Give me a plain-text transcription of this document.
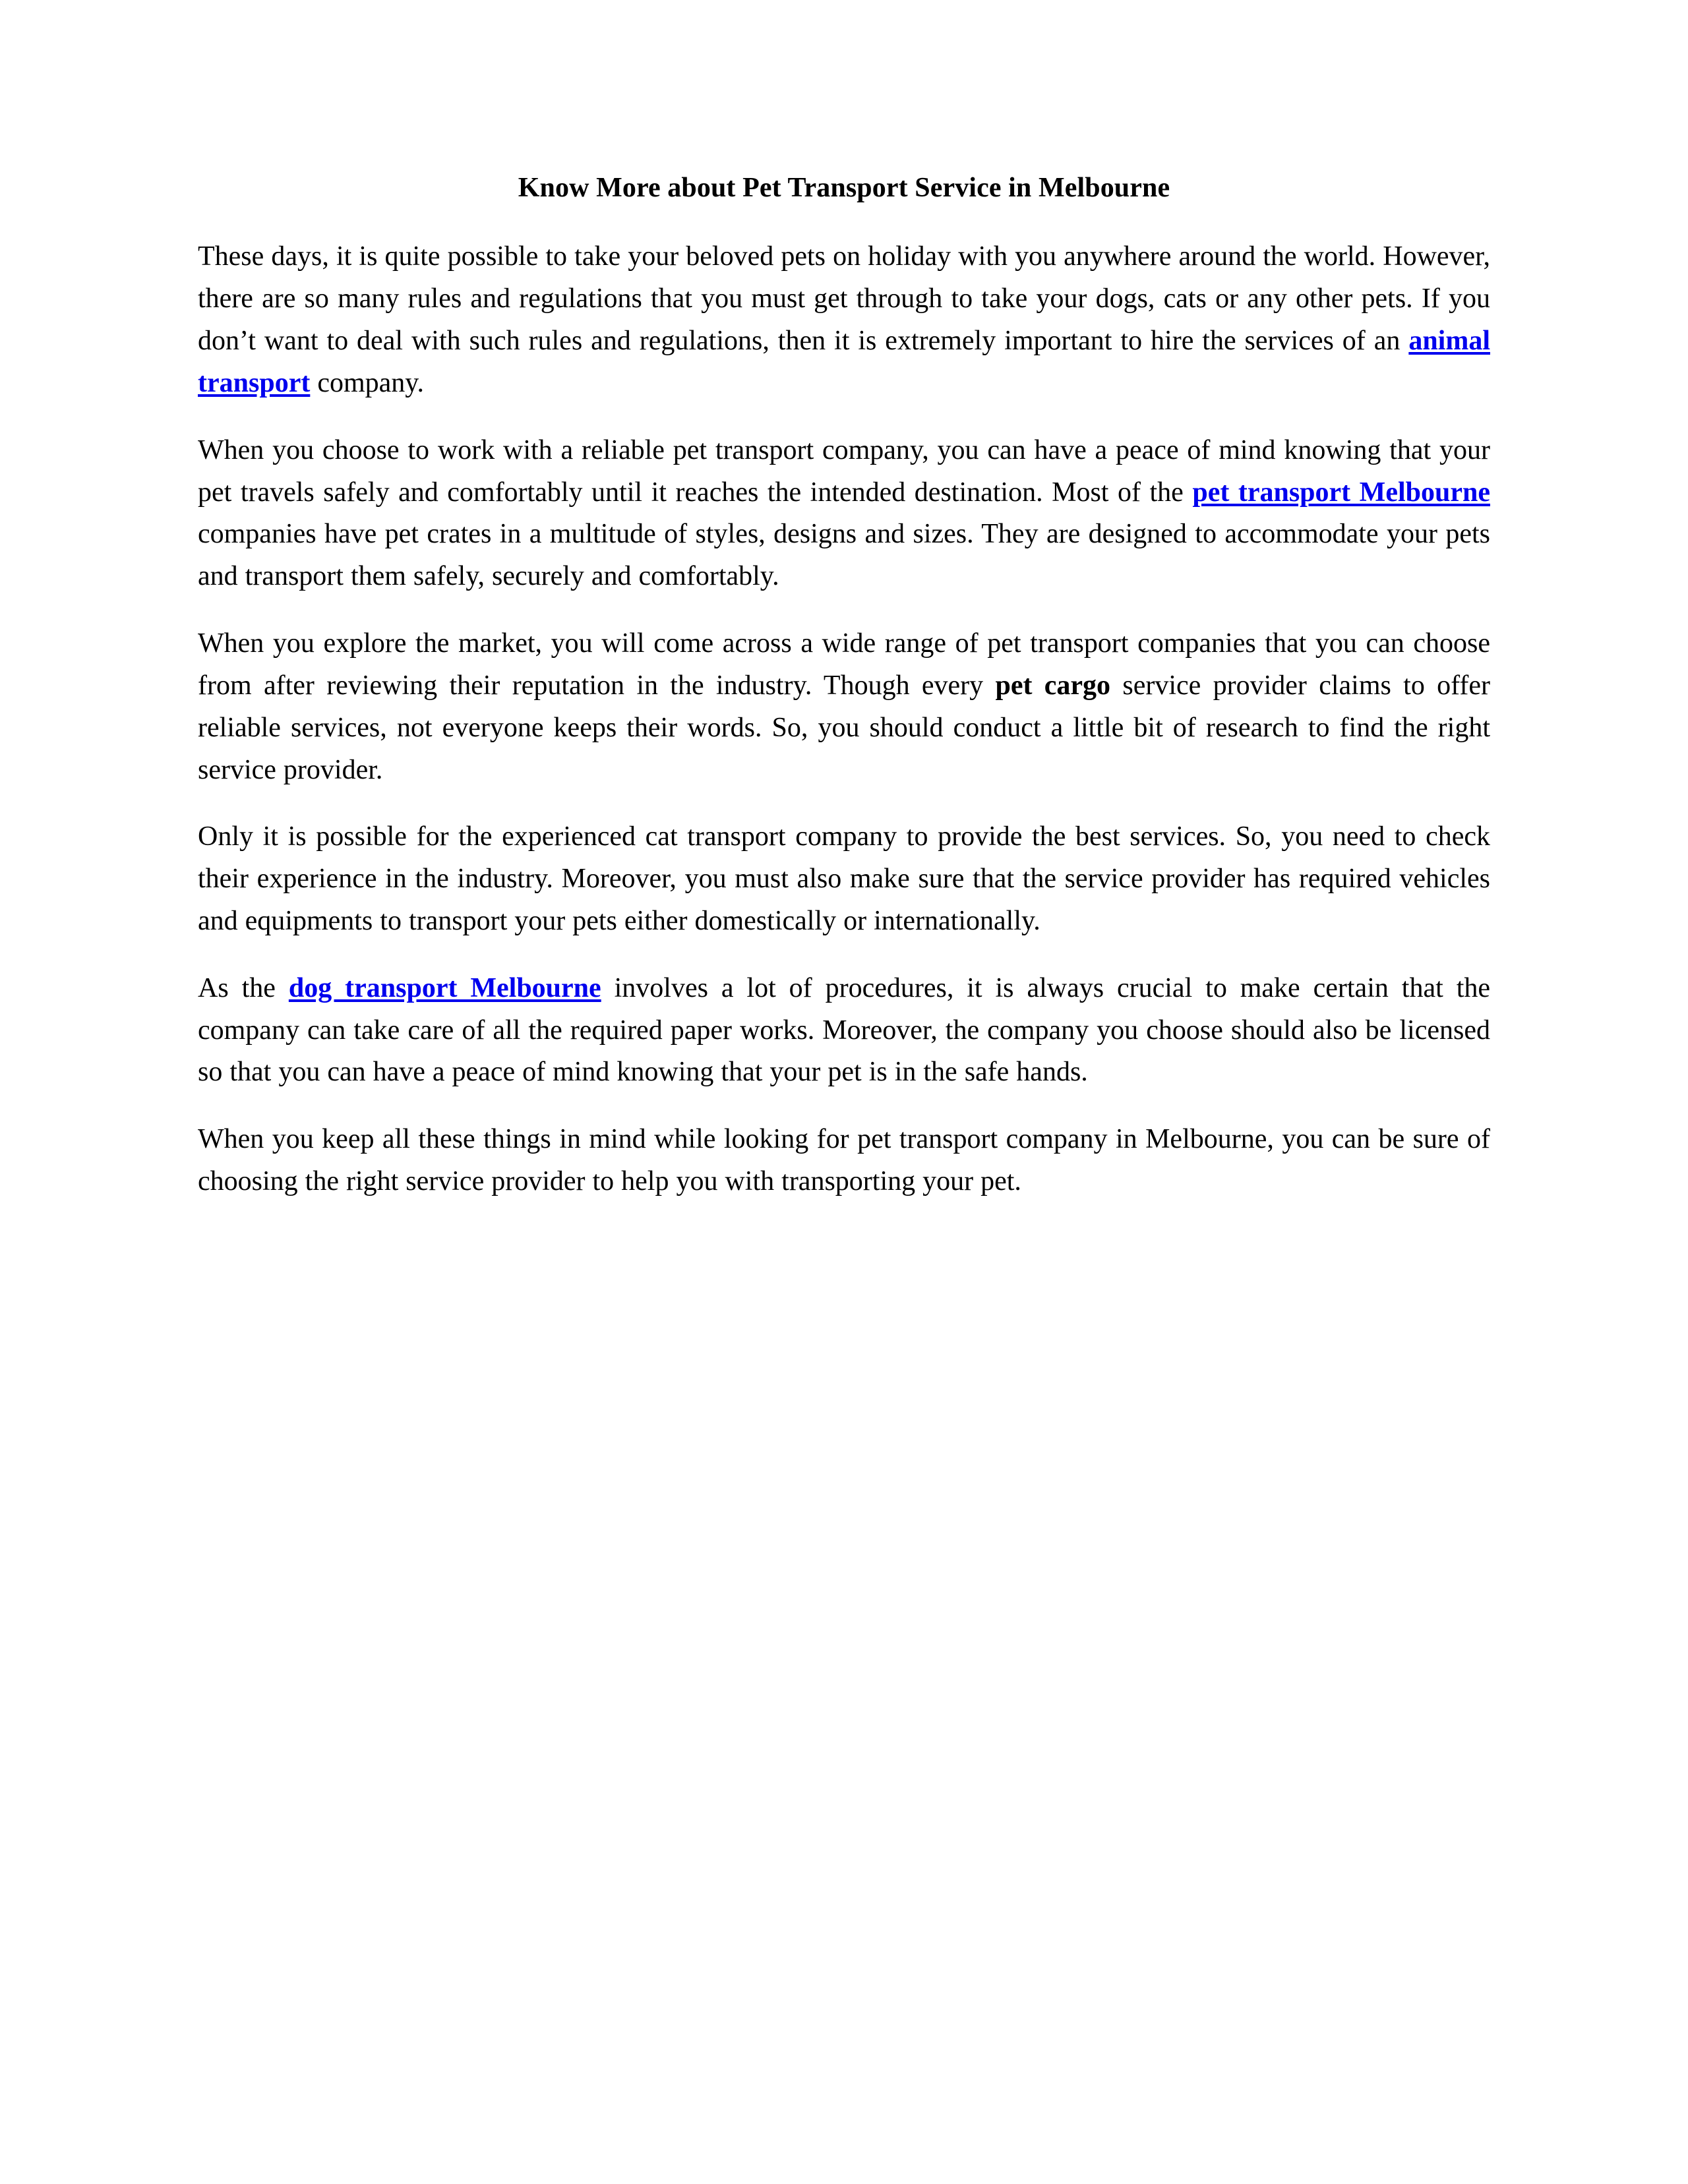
Know More about Pet Transport Service in Melbourne

These days, it is quite possible to take your beloved pets on holiday with you anywhere around the world. However, there are so many rules and regulations that you must get through to take your dogs, cats or any other pets. If you don’t want to deal with such rules and regulations, then it is extremely important to hire the services of an animal transport company.

When you choose to work with a reliable pet transport company, you can have a peace of mind knowing that your pet travels safely and comfortably until it reaches the intended destination. Most of the pet transport Melbourne companies have pet crates in a multitude of styles, designs and sizes. They are designed to accommodate your pets and transport them safely, securely and comfortably.

When you explore the market, you will come across a wide range of pet transport companies that you can choose from after reviewing their reputation in the industry. Though every pet cargo service provider claims to offer reliable services, not everyone keeps their words. So, you should conduct a little bit of research to find the right service provider.

Only it is possible for the experienced cat transport company to provide the best services. So, you need to check their experience in the industry. Moreover, you must also make sure that the service provider has required vehicles and equipments to transport your pets either domestically or internationally.

As the dog transport Melbourne involves a lot of procedures, it is always crucial to make certain that the company can take care of all the required paper works. Moreover, the company you choose should also be licensed so that you can have a peace of mind knowing that your pet is in the safe hands.

When you keep all these things in mind while looking for pet transport company in Melbourne, you can be sure of choosing the right service provider to help you with transporting your pet.
